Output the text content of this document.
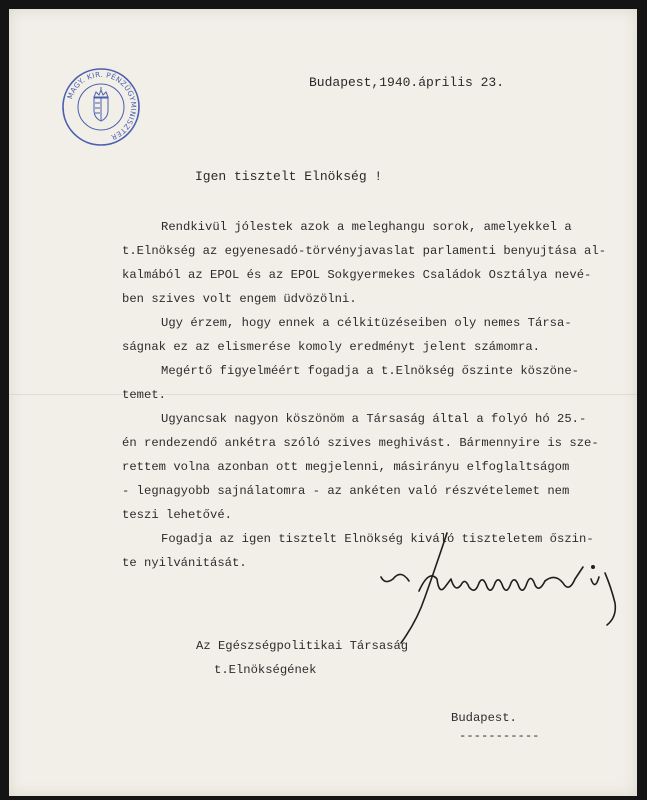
MAGY. KIR. PÉNZÜGYMINISZTER
Budapest,1940.április 23.
Igen tisztelt Elnökség !
Rendkivül jólestek azok a meleghangu sorok, amelyekkel a
t.Elnökség az egyenesadó-törvényjavaslat parlamenti benyujtása al-
kalmából az EPOL és az EPOL Sokgyermekes Családok Osztálya nevé-
ben szives volt engem üdvözölni.
Ugy érzem, hogy ennek a célkitüzéseiben oly nemes Társa-
ságnak ez az elismerése komoly eredményt jelent számomra.
Megértő figyelméért fogadja a t.Elnökség őszinte köszöne-
temet.
Ugyancsak nagyon köszönöm a Társaság által a folyó hó 25.-
én rendezendő ankétra szóló szives meghivást. Bármennyire is sze-
rettem volna azonban ott megjelenni, másirányu elfoglaltságom
- legnagyobb sajnálatomra - az ankéten való részvételemet nem
teszi lehetővé.
Fogadja az igen tisztelt Elnökség kiváló tiszteletem őszin-
te nyilvánitását.
Az Egészségpolitikai Társaság
t.Elnökségének
Budapest.
-----------
